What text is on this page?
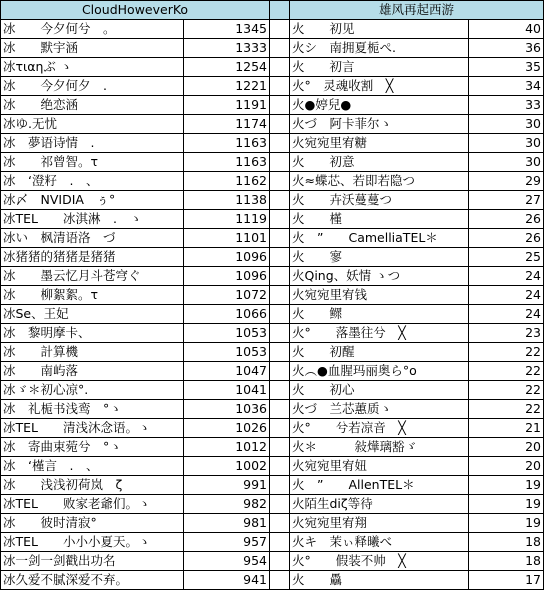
CloudHoweverKo			雄风再起西游	
冰　　今夕何兮　。	1345		火　　初见	40
冰　　默宇涵	1333		火シ　南拥夏栀ぺ.	36
冰τιαηぶ ゝ	1254		火　　初言	35
冰　　今夕何夕　.	1221		火°　灵魂收割　╳	34
冰　　绝恋涵	1191		火●婷兒●	33
冰ゆ.无忧	1174		火づ　阿卡菲尔ゝ	30
冰　夢语诗情　.	1163		火宛宛里宥糖	30
冰　　祁曾智。τ	1163		火　　初意	30
冰　‘澄籽　.　、	1162		火≈蝶芯、若即若隐つ	29
冰〆　NVIDIA　ぅ°	1138		火　　卉沃蔓蔓つ	27
冰TEL　　冰淇淋　.　ゝ	1119		火　　槿	26
冰い　枫清语洛　づ	1101		火　”　　CamelliaTEL＊	26
冰猪猪的猪猪是猪猪	1096		火　　寥	25
冰　　墨云忆月斗苍穹ぐ	1096		火Qing、妖情 ゝつ	24
冰　　柳絮絮。τ	1072		火宛宛里宥钱	24
冰Se、王妃	1066		火　　鳏	24
冰　黎明摩卡、	1053		火°　　落墨往兮　╳	23
冰　　計算機	1053		火　　初醒	22
冰　　南屿落	1047		火︵●血腥玛丽奥ら°o	22
冰ゞ＊初心凉°.	1041		火　　初心	22
冰　礼栀书浅鸾　°ゝ	1036		火づ　兰芯蕙质ゝ	22
冰TEL　　清浅沐念语。ゝ	1026		火°　　兮若凉音　╳	21
冰　寄曲束菀兮　°ゝ	1012		火＊　　　敍燁璃豁ゞ	20
冰　‘槿言　.　、	1002		火宛宛里宥妞	20
冰　　浅浅初荷岚　ζ	991		火　”　　AllenTEL＊	19
冰TEL　　败家老爺们。ゝ	982		火陌生diζ等待	19
冰　　彼时清寂°	981		火宛宛里宥翔	19
冰TEL　　小小小夏天。ゝ	957		火キ　茉ぃ释曦べ	18
冰一剑一剑戳出功名	954		火°　　假装不帅　╳	18
冰久爱不腻深爱不弃。	941		火　　驫	17
